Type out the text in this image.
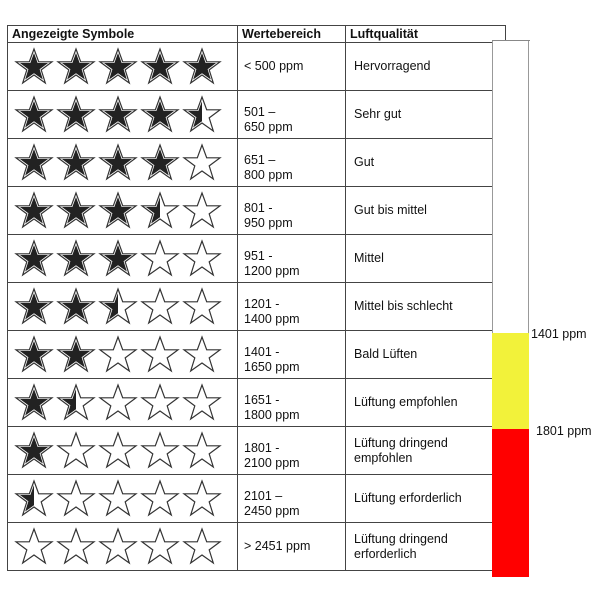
Angezeigte Symbole	Wertebereich	Luftqualität

< 500 ppm	Hervorragend

501 –
650 ppm	Sehr gut

651 –
800 ppm	Gut

801 -
950 ppm	Gut bis mittel

951 -
1200 ppm	Mittel

1201 -
1400 ppm	Mittel bis schlecht

1401 -
1650 ppm	Bald Lüften

1651 -
1800 ppm	Lüftung empfohlen

1801 -
2100 ppm	Lüftung dringend
empfohlen

2101 –
2450 ppm	Lüftung erforderlich

> 2451 ppm	Lüftung dringend
erforderlich
1401 ppm
1801 ppm
